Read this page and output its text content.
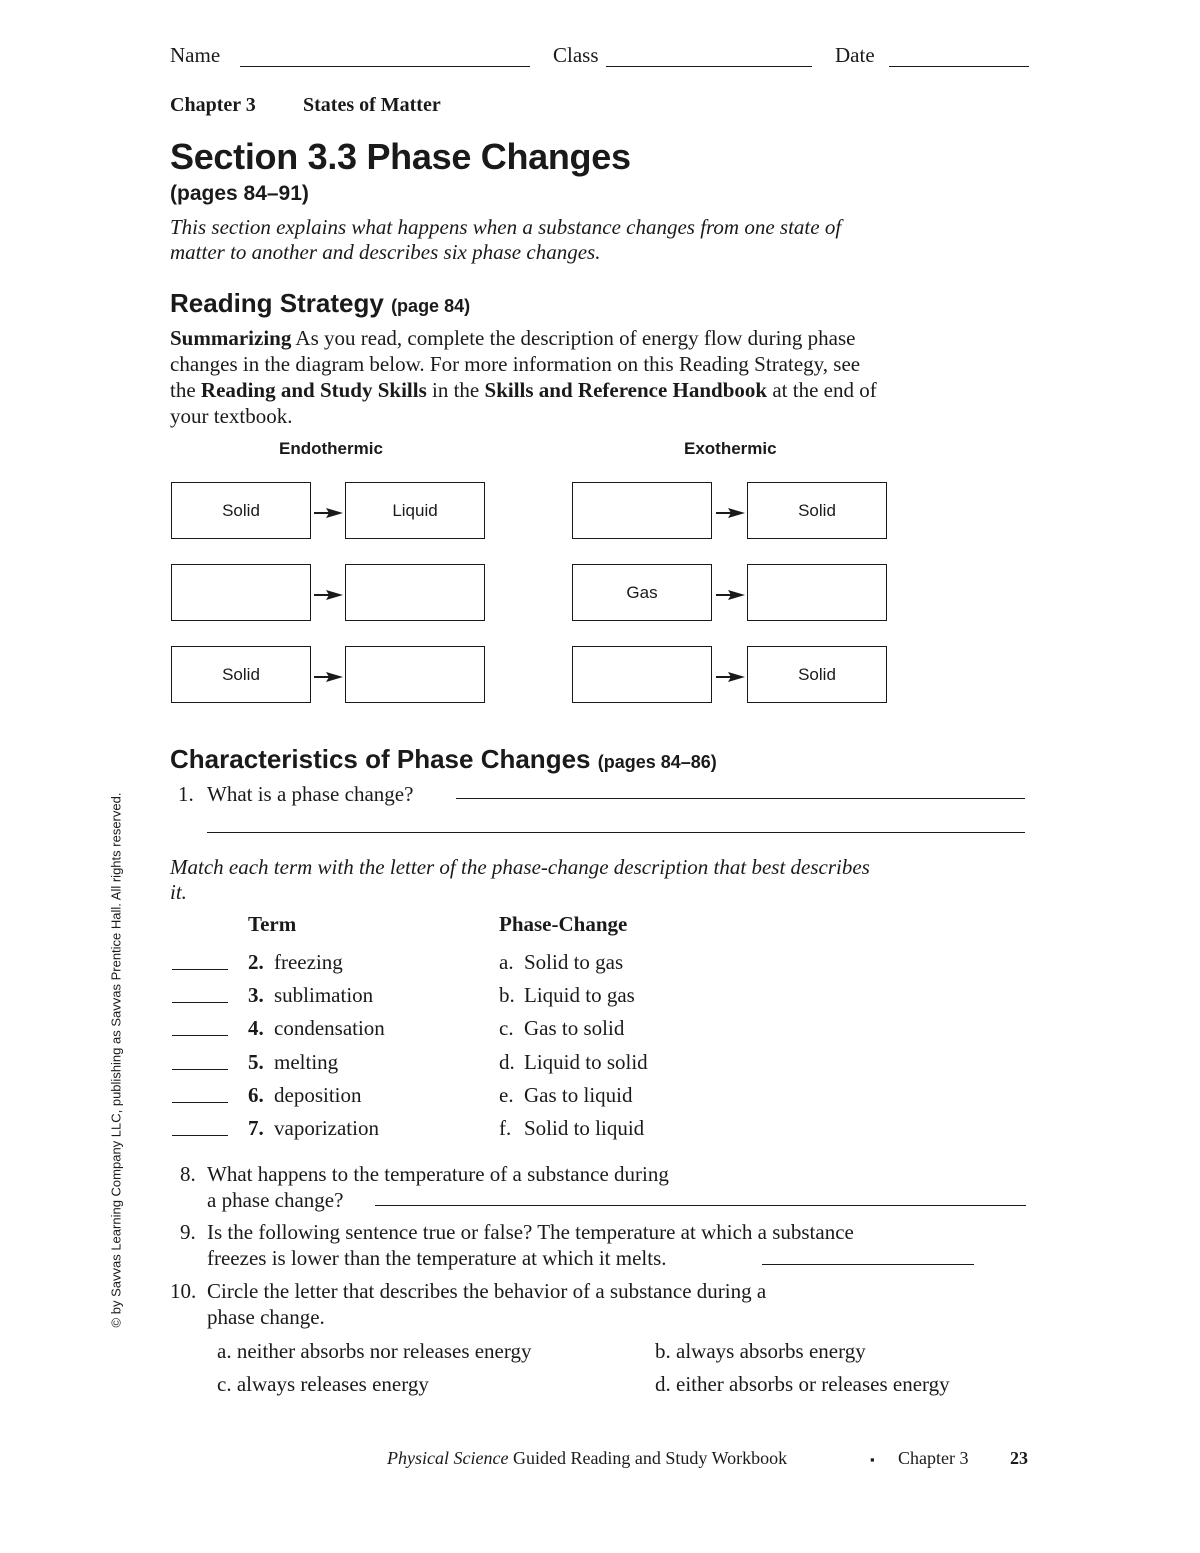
Name	Class	Date
Chapter 3 States of Matter
Section 3.3 Phase Changes
(pages 84–91)
This section explains what happens when a substance changes from one state of matter to another and describes six phase changes.
Reading Strategy (page 84)
Summarizing As you read, complete the description of energy flow during phase changes in the diagram below. For more information on this Reading Strategy, see the Reading and Study Skills in the Skills and Reference Handbook at the end of your textbook.
Endothermic	Exothermic
Solid	Liquid
Solid
Solid
Gas
Solid
Characteristics of Phase Changes (pages 84–86)
1. What is a phase change?
Match each term with the letter of the phase-change description that best describes it.
Term	Phase-Change
2. freezing	a. Solid to gas
3. sublimation	b. Liquid to gas
4. condensation	c. Gas to solid
5. melting	d. Liquid to solid
6. deposition	e. Gas to liquid
7. vaporization	f. Solid to liquid
8. What happens to the temperature of a substance during
a phase change?
9. Is the following sentence true or false? The temperature at which a substance
freezes is lower than the temperature at which it melts.
10. Circle the letter that describes the behavior of a substance during a
phase change.
a. neither absorbs nor releases energy	b. always absorbs energy
c. always releases energy	d. either absorbs or releases energy
Physical Science Guided Reading and Study Workbook	▪ Chapter 3 23
© by Savvas Learning Company LLC, publishing as Savvas Prentice Hall. All rights reserved.
